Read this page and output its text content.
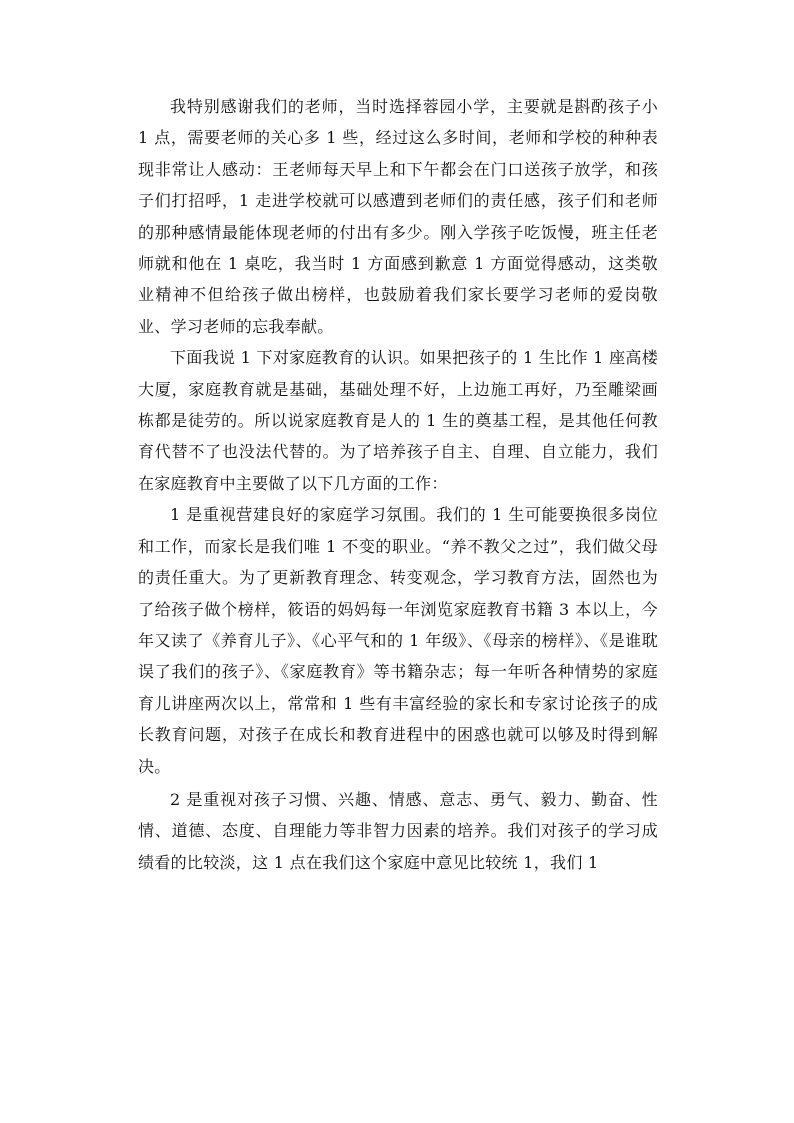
我特别感谢我们的老师，当时选择蓉园小学，主要就是斟酌孩子小 1 点，需要老师的关心多 1 些，经过这么多时间，老师和学校的种种表现非常让人感动：王老师每天早上和下午都会在门口送孩子放学，和孩子们打招呼，1 走进学校就可以感遭到老师们的责任感，孩子们和老师的那种感情最能体现老师的付出有多少。刚入学孩子吃饭慢，班主任老师就和他在 1 桌吃，我当时 1 方面感到歉意 1 方面觉得感动，这类敬业精神不但给孩子做出榜样，也鼓励着我们家长要学习老师的爱岗敬业、学习老师的忘我奉献。

下面我说 1 下对家庭教育的认识。如果把孩子的 1 生比作 1 座高楼大厦，家庭教育就是基础，基础处理不好，上边施工再好，乃至雕梁画栋都是徒劳的。所以说家庭教育是人的 1 生的奠基工程，是其他任何教育代替不了也没法代替的。为了培养孩子自主、自理、自立能力，我们在家庭教育中主要做了以下几方面的工作：

1 是重视营建良好的家庭学习氛围。我们的 1 生可能要换很多岗位和工作，而家长是我们唯 1 不变的职业。“养不教父之过”，我们做父母的责任重大。为了更新教育理念、转变观念，学习教育方法，固然也为了给孩子做个榜样，筱语的妈妈每一年浏览家庭教育书籍 3 本以上，今年又读了《养育儿子》、《心平气和的 1 年级》、《母亲的榜样》、《是谁耽误了我们的孩子》、《家庭教育》等书籍杂志；每一年听各种情势的家庭育儿讲座两次以上，常常和 1 些有丰富经验的家长和专家讨论孩子的成长教育问题，对孩子在成长和教育进程中的困惑也就可以够及时得到解决。

2 是重视对孩子习惯、兴趣、情感、意志、勇气、毅力、勤奋、性情、道德、态度、自理能力等非智力因素的培养。我们对孩子的学习成绩看的比较淡，这 1 点在我们这个家庭中意见比较统 1，我们 1
